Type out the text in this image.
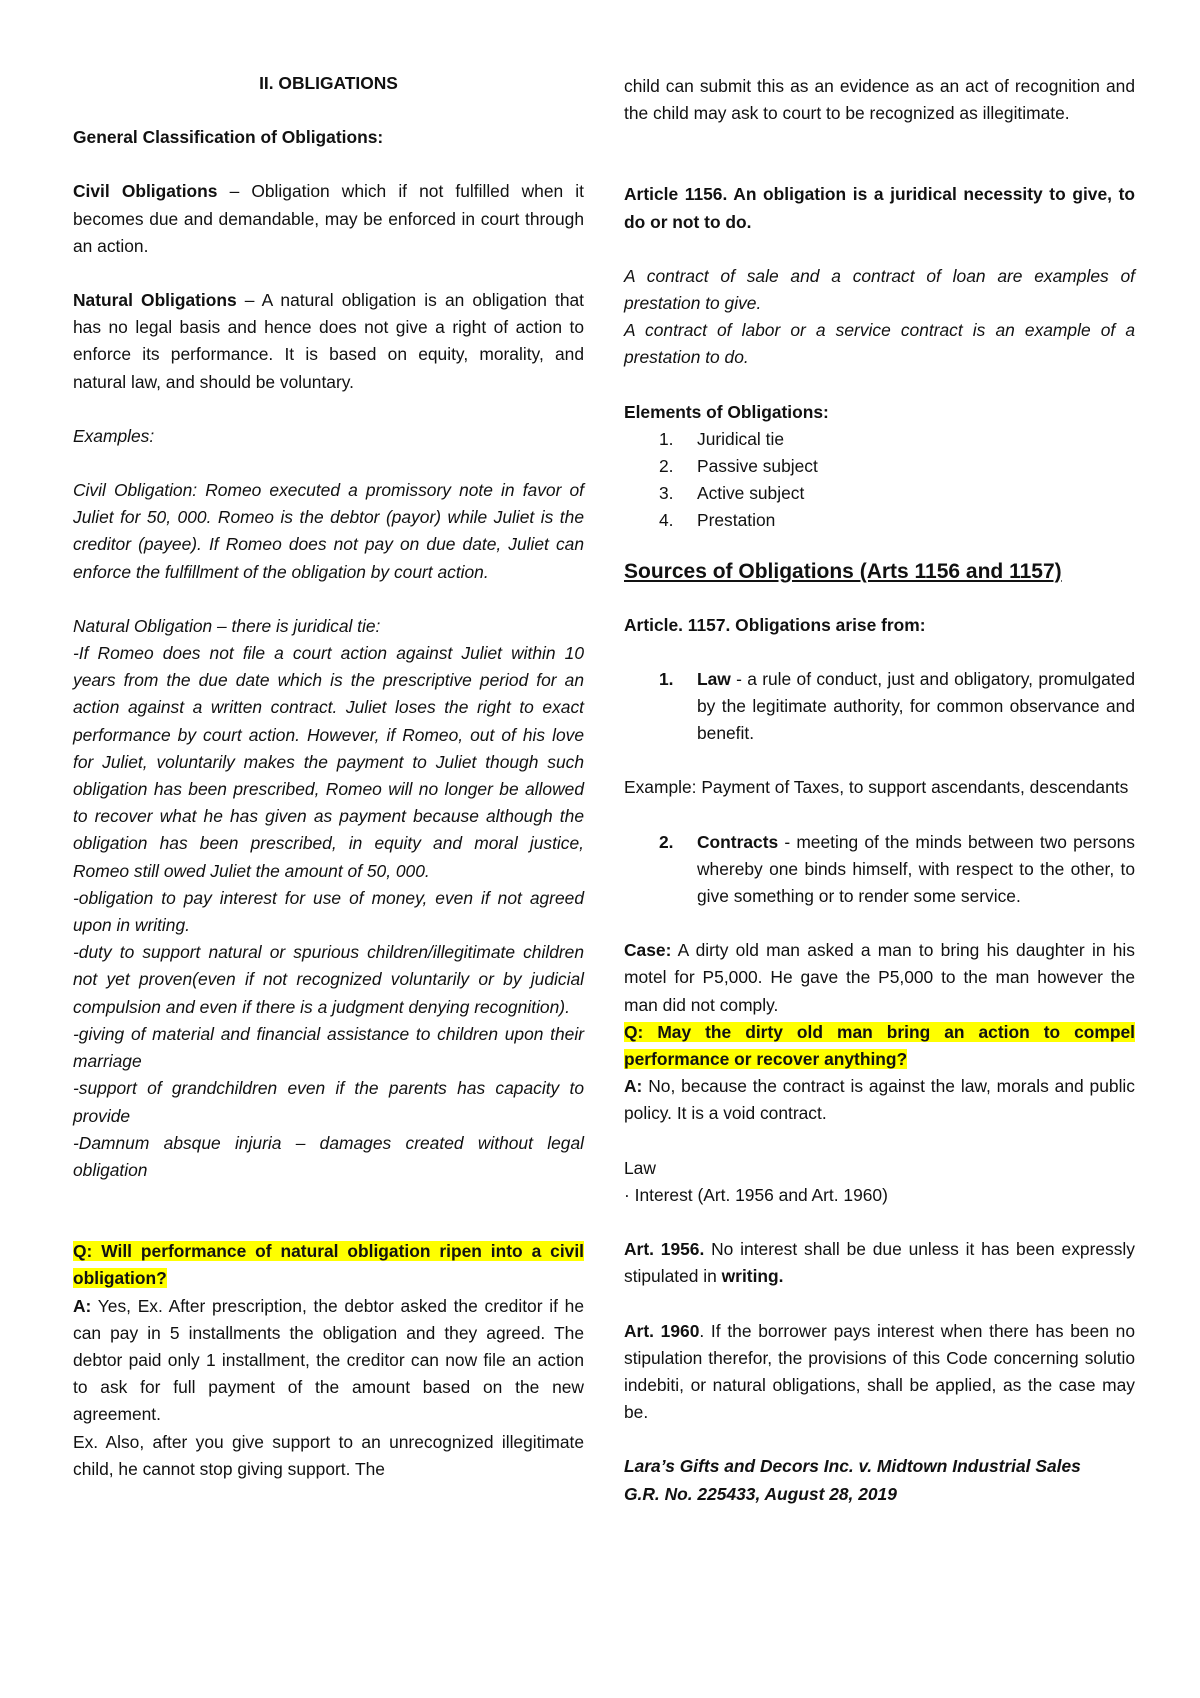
II. OBLIGATIONS

General Classification of Obligations:

Civil Obligations – Obligation which if not fulfilled when it becomes due and demandable, may be enforced in court through an action.

Natural Obligations – A natural obligation is an obligation that has no legal basis and hence does not give a right of action to enforce its performance. It is based on equity, morality, and natural law, and should be voluntary.

Examples:

Civil Obligation: Romeo executed a promissory note in favor of Juliet for 50, 000. Romeo is the debtor (payor) while Juliet is the creditor (payee). If Romeo does not pay on due date, Juliet can enforce the fulfillment of the obligation by court action.

Natural Obligation – there is juridical tie:

-If Romeo does not file a court action against Juliet within 10 years from the due date which is the prescriptive period for an action against a written contract. Juliet loses the right to exact performance by court action. However, if Romeo, out of his love for Juliet, voluntarily makes the payment to Juliet though such obligation has been prescribed, Romeo will no longer be allowed to recover what he has given as payment because although the obligation has been prescribed, in equity and moral justice, Romeo still owed Juliet the amount of 50, 000.

-obligation to pay interest for use of money, even if not agreed upon in writing.

-duty to support natural or spurious children/illegitimate children not yet proven(even if not recognized voluntarily or by judicial compulsion and even if there is a judgment denying recognition).

-giving of material and financial assistance to children upon their marriage

-support of grandchildren even if the parents has capacity to provide

-Damnum absque injuria – damages created without legal obligation

Q: Will performance of natural obligation ripen into a civil obligation?

A: Yes, Ex. After prescription, the debtor asked the creditor if he can pay in 5 installments the obligation and they agreed. The debtor paid only 1 installment, the creditor can now file an action to ask for full payment of the amount based on the new agreement.

Ex. Also, after you give support to an unrecognized illegitimate child, he cannot stop giving support. The

child can submit this as an evidence as an act of recognition and the child may ask to court to be recognized as illegitimate.

Article 1156. An obligation is a juridical necessity to give, to do or not to do.

A contract of sale and a contract of loan are examples of prestation to give.

A contract of labor or a service contract is an example of a prestation to do.

Elements of Obligations:

1.	Juridical tie
2.	Passive subject
3.	Active subject
4.	Prestation

Sources of Obligations (Arts 1156 and 1157)

Article. 1157. Obligations arise from:

1.	Law - a rule of conduct, just and obligatory, promulgated by the legitimate authority, for common observance and benefit.

Example: Payment of Taxes, to support ascendants, descendants

2.	Contracts - meeting of the minds between two persons whereby one binds himself, with respect to the other, to give something or to render some service.

Case: A dirty old man asked a man to bring his daughter in his motel for P5,000. He gave the P5,000 to the man however the man did not comply.

Q: May the dirty old man bring an action to compel performance or recover anything?

A: No, because the contract is against the law, morals and public policy. It is a void contract.

Law

· Interest (Art. 1956 and Art. 1960)

Art. 1956. No interest shall be due unless it has been expressly stipulated in writing.

Art. 1960. If the borrower pays interest when there has been no stipulation therefor, the provisions of this Code concerning solutio indebiti, or natural obligations, shall be applied, as the case may be.

Lara’s Gifts and Decors Inc. v. Midtown Industrial Sales

G.R. No. 225433, August 28, 2019
